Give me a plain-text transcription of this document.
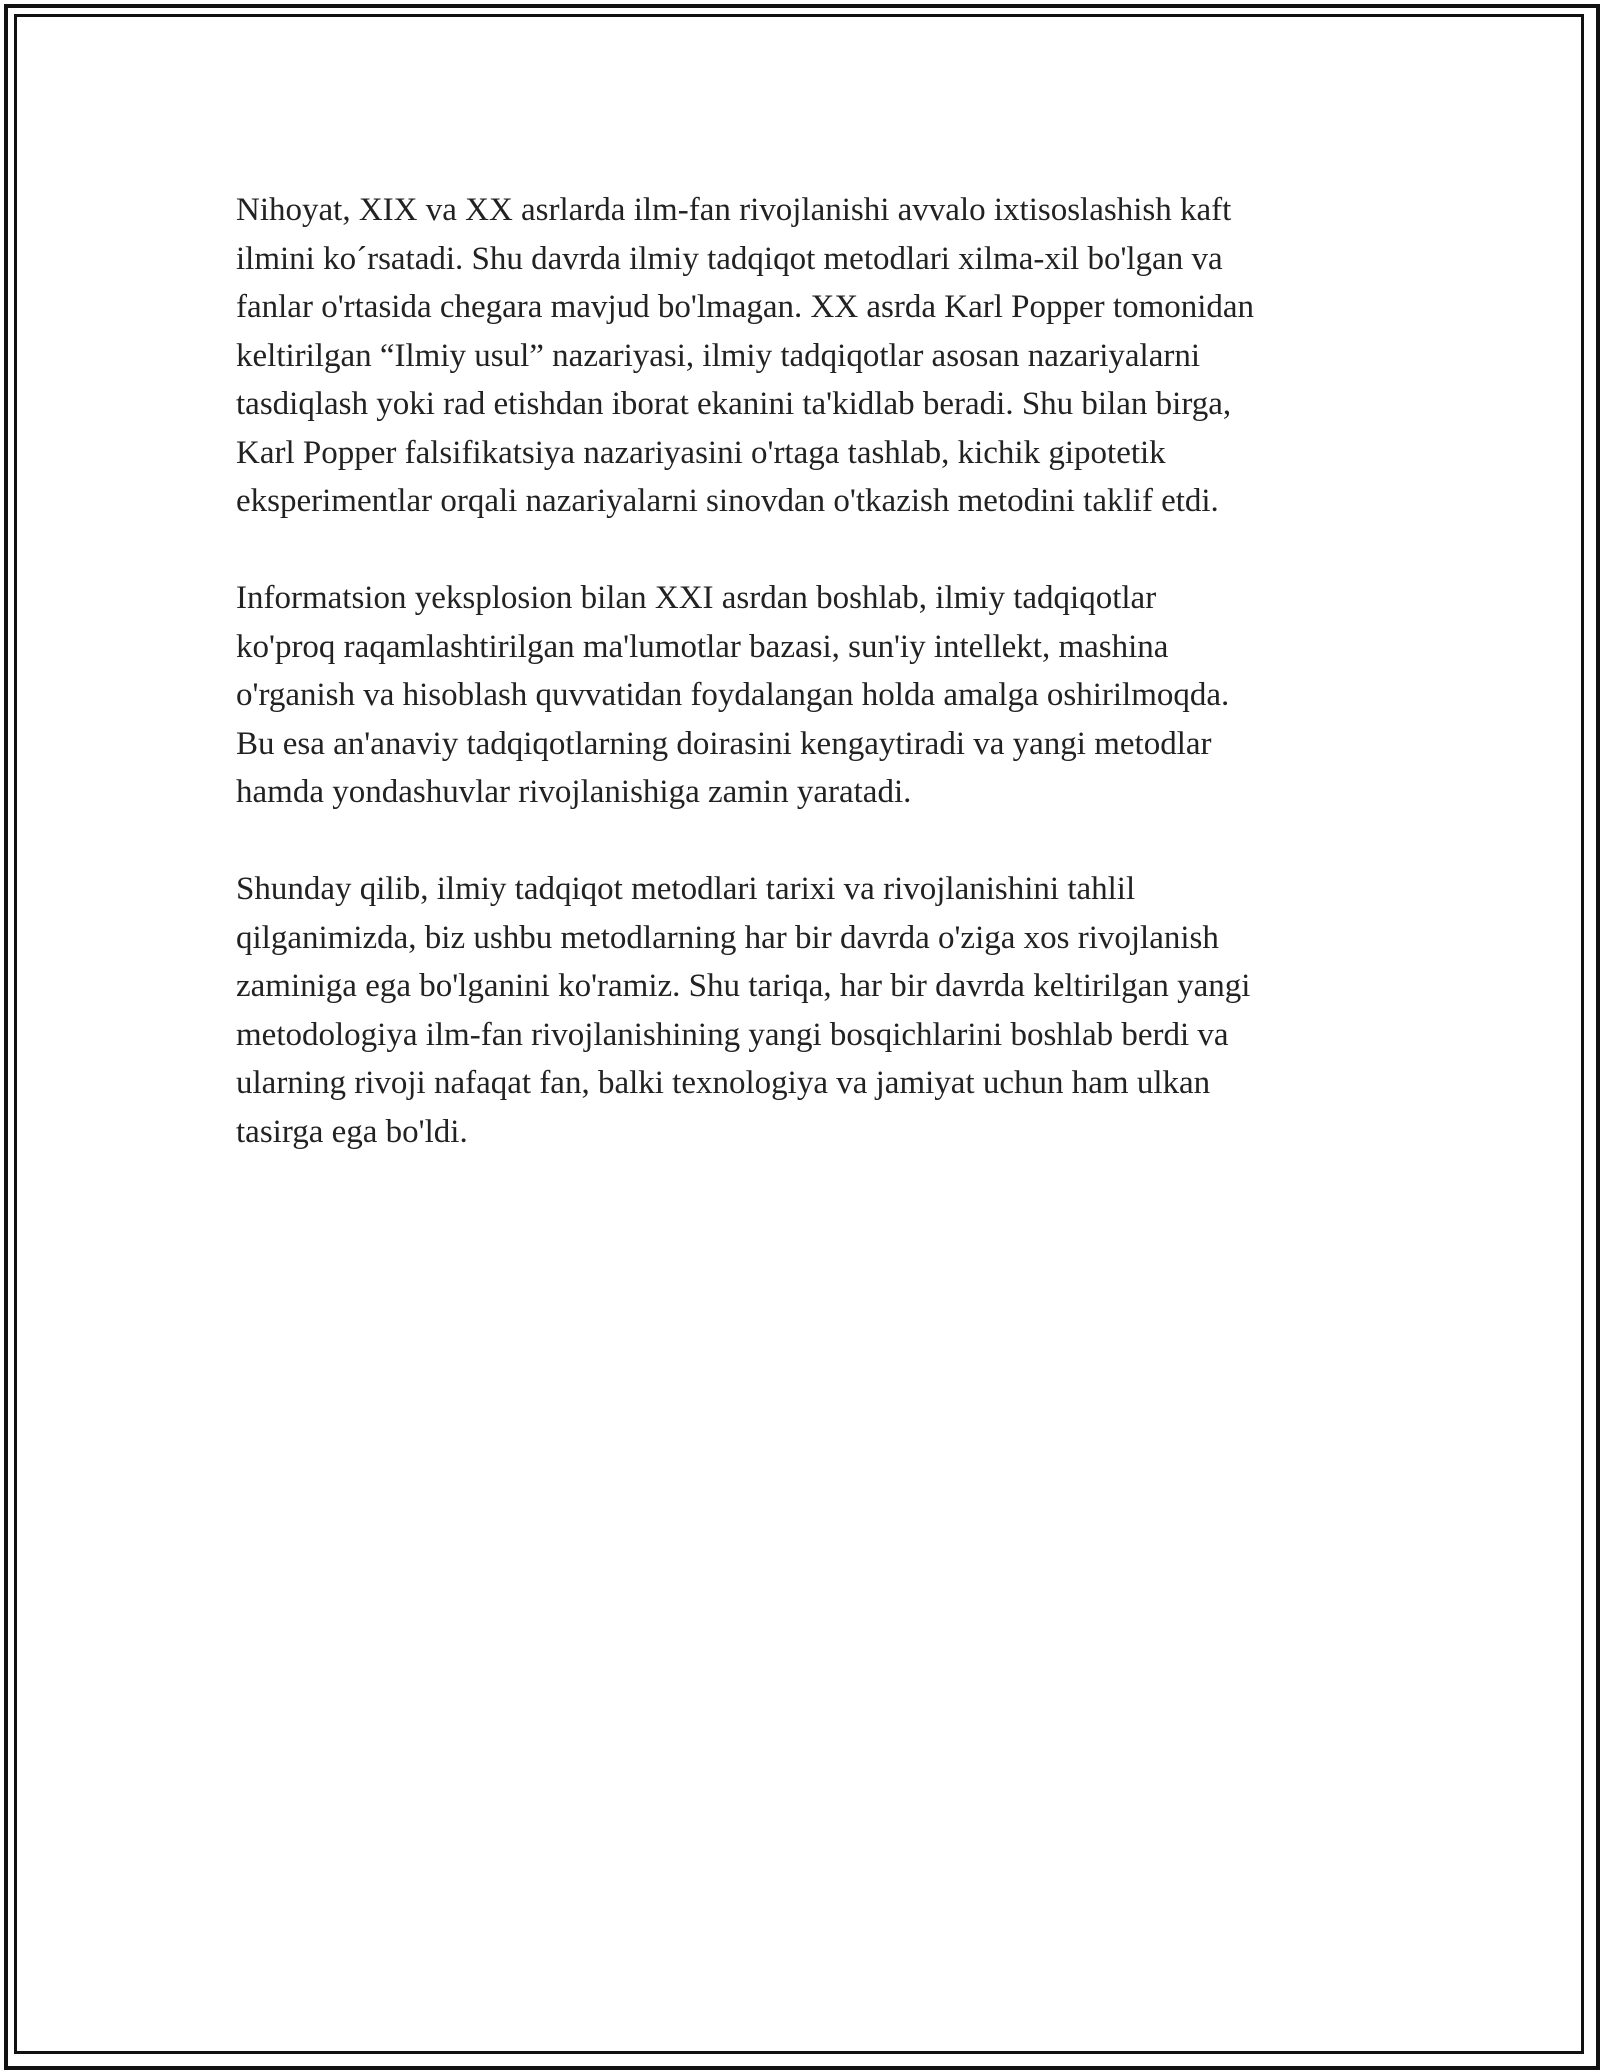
Nihoyat, XIX va XX asrlarda ilm-fan rivojlanishi avvalo ixtisoslashish kaft
ilmini ko´rsatadi. Shu davrda ilmiy tadqiqot metodlari xilma-xil bo'lgan va
fanlar o'rtasida chegara mavjud bo'lmagan. XX asrda Karl Popper tomonidan
keltirilgan “Ilmiy usul” nazariyasi, ilmiy tadqiqotlar asosan nazariyalarni
tasdiqlash yoki rad etishdan iborat ekanini ta'kidlab beradi. Shu bilan birga,
Karl Popper falsifikatsiya nazariyasini o'rtaga tashlab, kichik gipotetik
eksperimentlar orqali nazariyalarni sinovdan o'tkazish metodini taklif etdi.

Informatsion yeksplosion bilan XXI asrdan boshlab, ilmiy tadqiqotlar
ko'proq raqamlashtirilgan ma'lumotlar bazasi, sun'iy intellekt, mashina
o'rganish va hisoblash quvvatidan foydalangan holda amalga oshirilmoqda.
Bu esa an'anaviy tadqiqotlarning doirasini kengaytiradi va yangi metodlar
hamda yondashuvlar rivojlanishiga zamin yaratadi.

Shunday qilib, ilmiy tadqiqot metodlari tarixi va rivojlanishini tahlil
qilganimizda, biz ushbu metodlarning har bir davrda o'ziga xos rivojlanish
zaminiga ega bo'lganini ko'ramiz. Shu tariqa, har bir davrda keltirilgan yangi
metodologiya ilm-fan rivojlanishining yangi bosqichlarini boshlab berdi va
ularning rivoji nafaqat fan, balki texnologiya va jamiyat uchun ham ulkan
tasirga ega bo'ldi.
